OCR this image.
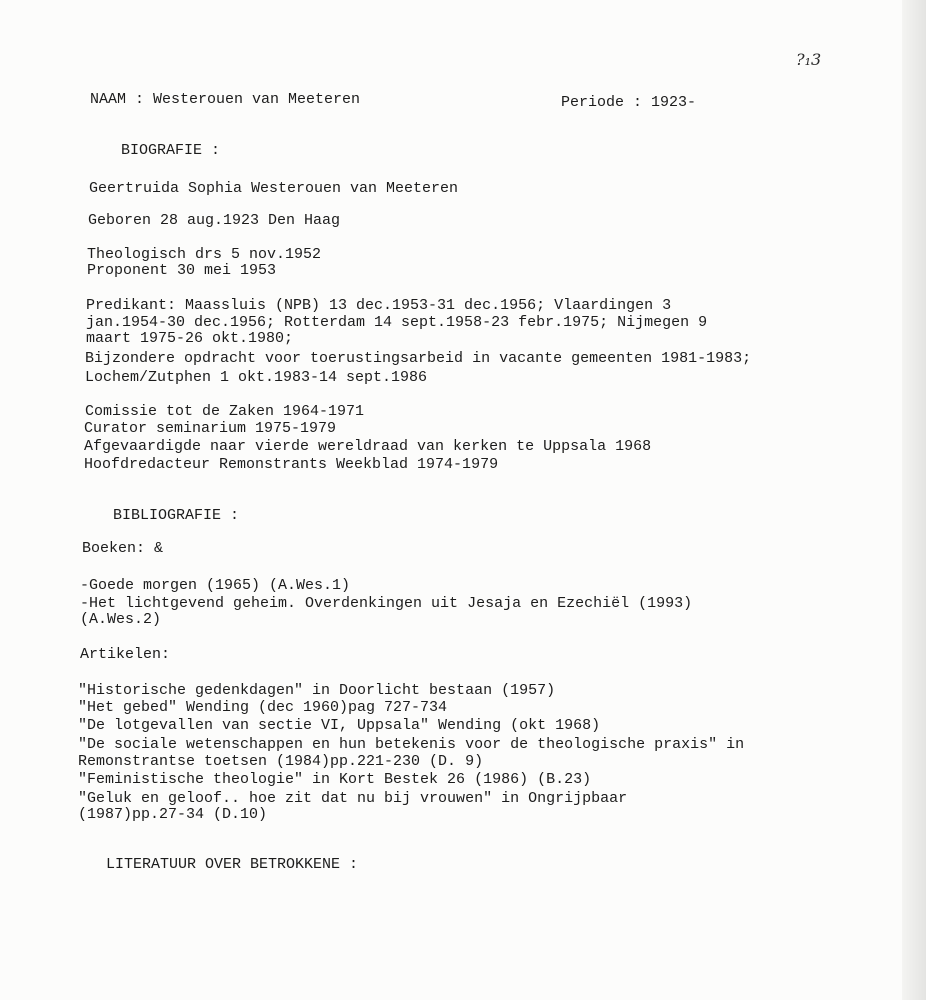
?₁3
NAAM : Westerouen van Meeteren	Periode : 1923-
BIOGRAFIE :
Geertruida Sophia Westerouen van Meeteren
Geboren 28 aug.1923 Den Haag
Theologisch drs 5 nov.1952
Proponent 30 mei 1953
Predikant: Maassluis (NPB) 13 dec.1953-31 dec.1956; Vlaardingen 3
jan.1954-30 dec.1956; Rotterdam 14 sept.1958-23 febr.1975; Nijmegen 9
maart 1975-26 okt.1980;
Bijzondere opdracht voor toerustingsarbeid in vacante gemeenten 1981-1983;
Lochem/Zutphen 1 okt.1983-14 sept.1986
Comissie tot de Zaken 1964-1971
Curator seminarium 1975-1979
Afgevaardigde naar vierde wereldraad van kerken te Uppsala 1968
Hoofdredacteur Remonstrants Weekblad 1974-1979
BIBLIOGRAFIE :
Boeken: &
-Goede morgen (1965) (A.Wes.1)
-Het lichtgevend geheim. Overdenkingen uit Jesaja en Ezechiël (1993)
(A.Wes.2)
Artikelen:
"Historische gedenkdagen" in Doorlicht bestaan (1957)
"Het gebed" Wending (dec 1960)pag 727-734
"De lotgevallen van sectie VI, Uppsala" Wending (okt 1968)
"De sociale wetenschappen en hun betekenis voor de theologische praxis" in
Remonstrantse toetsen (1984)pp.221-230 (D. 9)
"Feministische theologie" in Kort Bestek 26 (1986) (B.23)
"Geluk en geloof.. hoe zit dat nu bij vrouwen" in Ongrijpbaar
(1987)pp.27-34 (D.10)
LITERATUUR OVER BETROKKENE :
